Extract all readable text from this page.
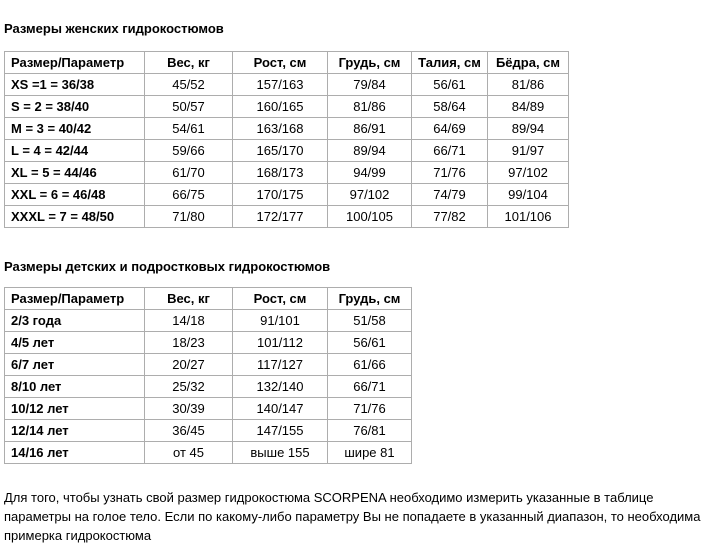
Размеры женских гидрокостюмов

Размер/Параметр	Вес, кг	Рост, см	Грудь, см	Талия, см	Бёдра, см
XS =1 = 36/38	45/52	157/163	79/84	56/61	81/86
S = 2 = 38/40	50/57	160/165	81/86	58/64	84/89
M = 3 = 40/42	54/61	163/168	86/91	64/69	89/94
L = 4 = 42/44	59/66	165/170	89/94	66/71	91/97
XL = 5 = 44/46	61/70	168/173	94/99	71/76	97/102
XXL = 6 = 46/48	66/75	170/175	97/102	74/79	99/104
XXXL = 7 = 48/50	71/80	172/177	100/105	77/82	101/106

Размеры детских и подростковых гидрокостюмов

Размер/Параметр	Вес, кг	Рост, см	Грудь, см
2/3 года	14/18	91/101	51/58
4/5 лет	18/23	101/112	56/61
6/7 лет	20/27	117/127	61/66
8/10 лет	25/32	132/140	66/71
10/12 лет	30/39	140/147	71/76
12/14 лет	36/45	147/155	76/81
14/16 лет	от 45	выше 155	шире 81

Для того, чтобы узнать свой размер гидрокостюма SCORPENA необходимо измерить указанные в таблице параметры на голое тело. Если по какому-либо параметру Вы не попадаете в указанный диапазон, то необходима примерка гидрокостюма
